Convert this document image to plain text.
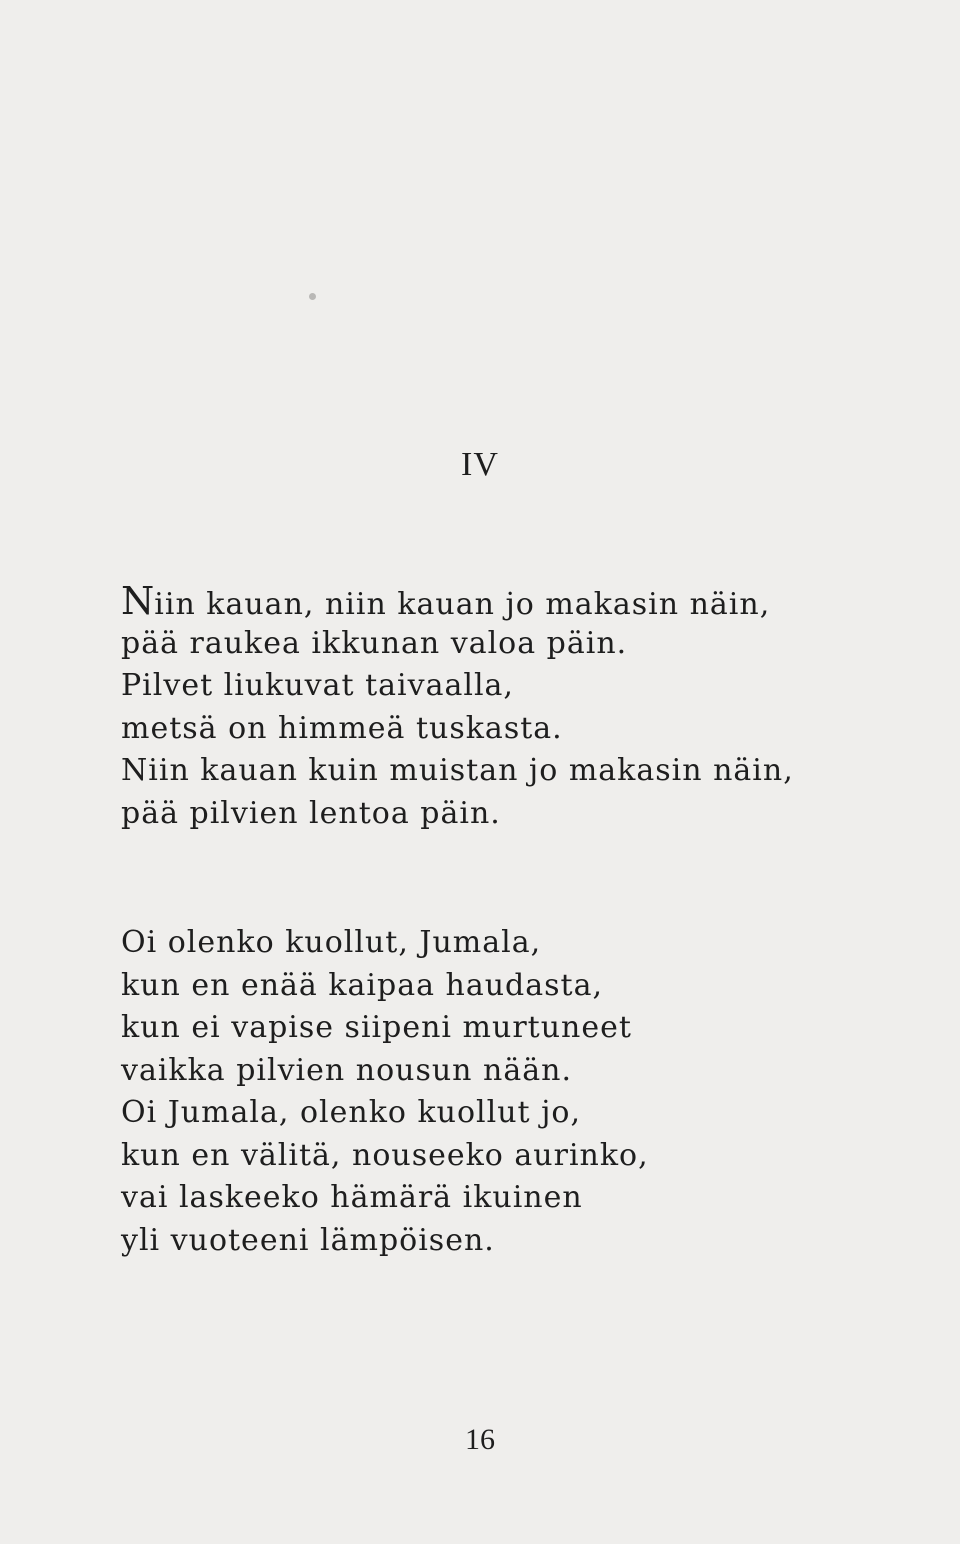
IV
Niin kauan, niin kauan jo makasin näin,
pää raukea ikkunan valoa päin.
Pilvet liukuvat taivaalla,
metsä on himmeä tuskasta.
Niin kauan kuin muistan jo makasin näin,
pää pilvien lentoa päin.
Oi olenko kuollut, Jumala,
kun en enää kaipaa haudasta,
kun ei vapise siipeni murtuneet
vaikka pilvien nousun nään.
Oi Jumala, olenko kuollut jo,
kun en välitä, nouseeko aurinko,
vai laskeeko hämärä ikuinen
yli vuoteeni lämpöisen.
16
